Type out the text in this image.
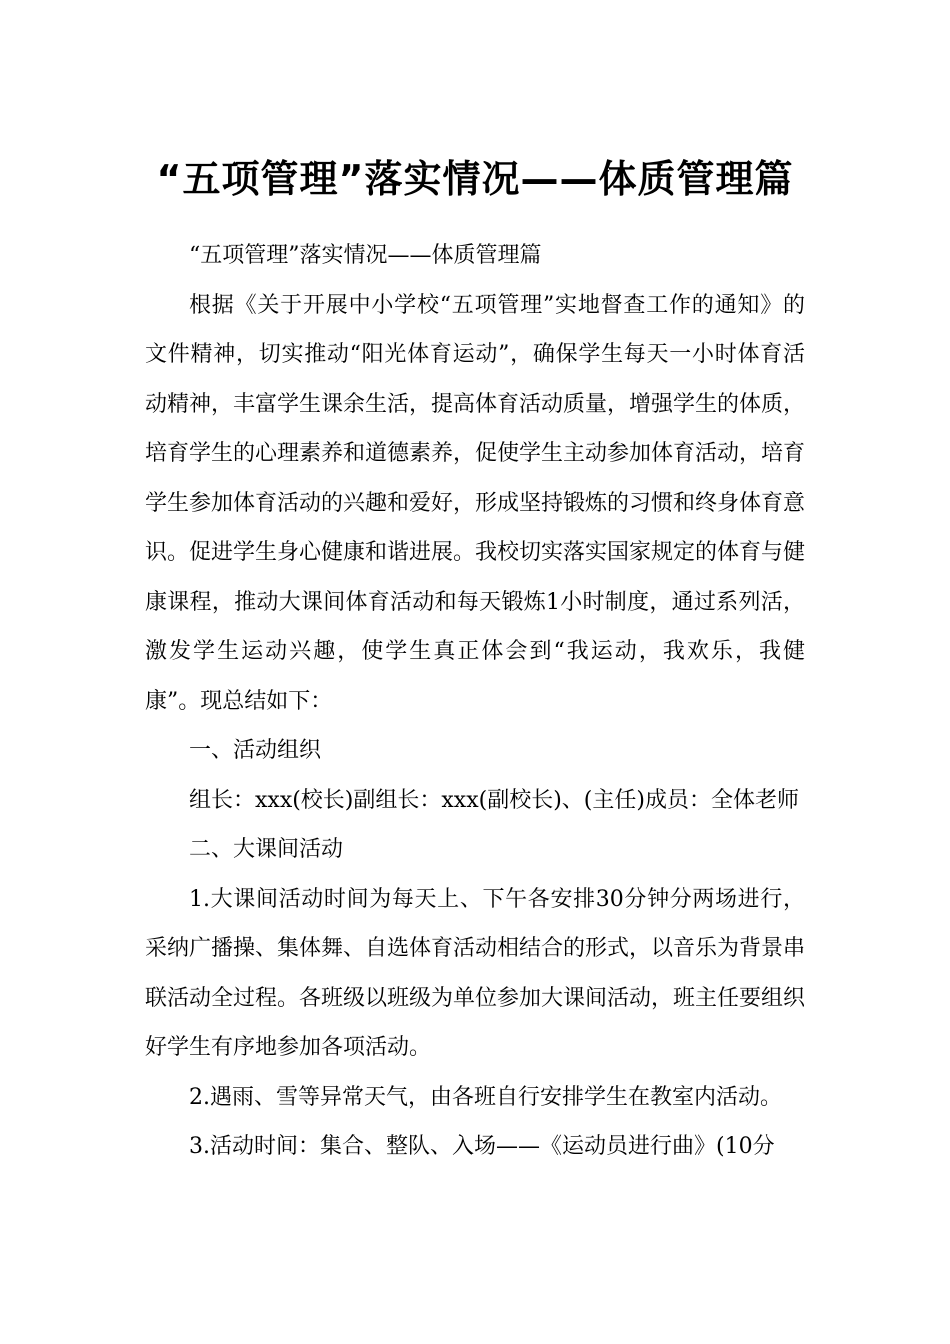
“五项管理”落实情况——体质管理篇

“五项管理”落实情况——体质管理篇

根据《关于开展中小学校“五项管理”实地督查工作的通知》的文件精神，切实推动“阳光体育运动”，确保学生每天一小时体育活动精神，丰富学生课余生活，提高体育活动质量，增强学生的体质，培育学生的心理素养和道德素养，促使学生主动参加体育活动，培育学生参加体育活动的兴趣和爱好，形成坚持锻炼的习惯和终身体育意识。促进学生身心健康和谐进展。我校切实落实国家规定的体育与健康课程，推动大课间体育活动和每天锻炼1小时制度，通过系列活，激发学生运动兴趣，使学生真正体会到“我运动，我欢乐，我健康”。现总结如下：

一、活动组织

组长：xxx(校长)副组长：xxx(副校长)、(主任)成员：全体老师

二、大课间活动

1.大课间活动时间为每天上、下午各安排30分钟分两场进行，采纳广播操、集体舞、自选体育活动相结合的形式，以音乐为背景串联活动全过程。各班级以班级为单位参加大课间活动，班主任要组织好学生有序地参加各项活动。

2.遇雨、雪等异常天气，由各班自行安排学生在教室内活动。

3.活动时间：集合、整队、入场——《运动员进行曲》(10分
